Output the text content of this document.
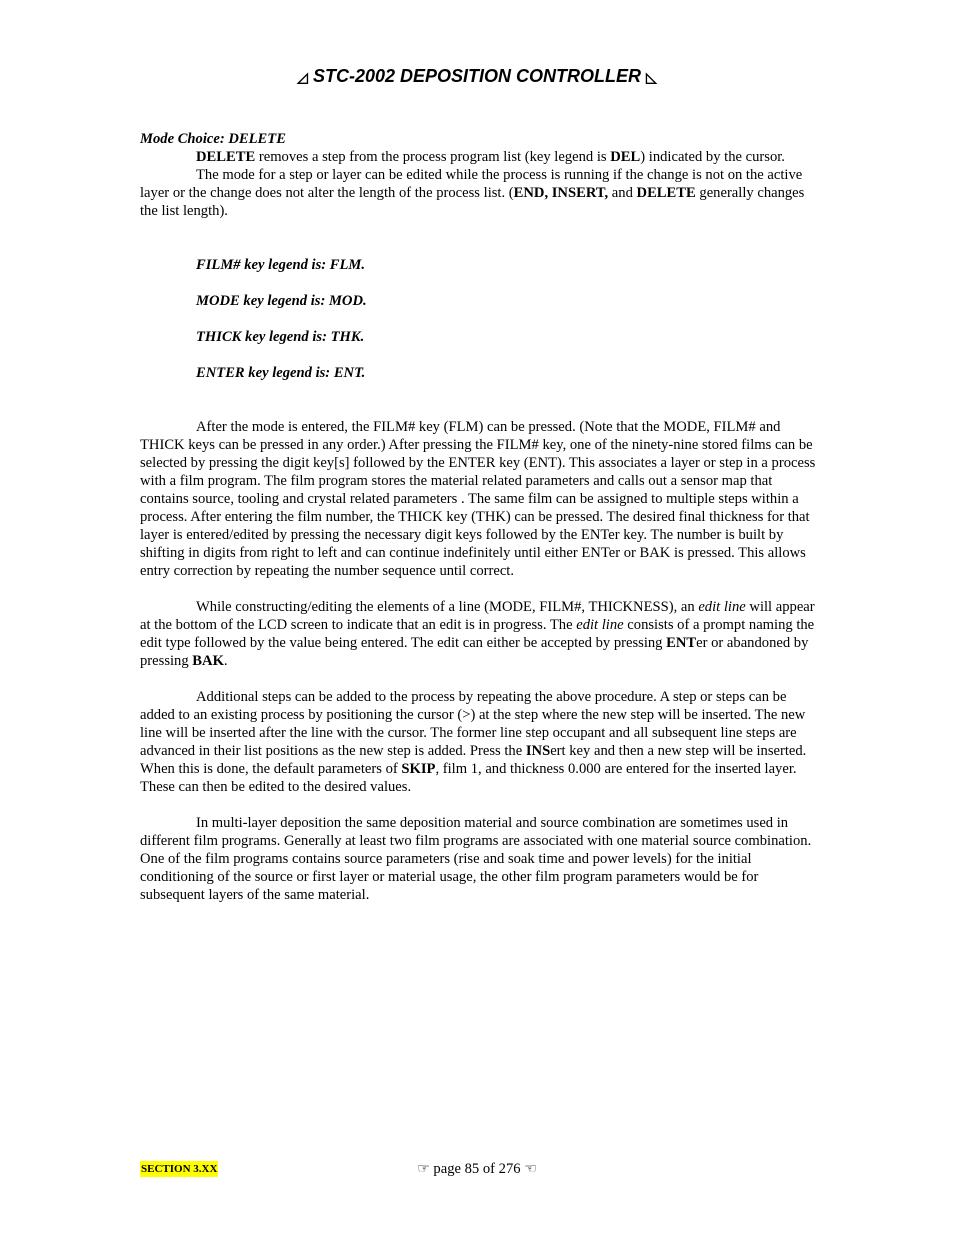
◿ STC-2002 DEPOSITION CONTROLLER ◺

Mode Choice: DELETE

DELETE removes a step from the process program list (key legend is DEL) indicated by the cursor.

The mode for a step or layer can be edited while the process is running if the change is not on the active layer or the change does not alter the length of the process list. (END, INSERT, and DELETE generally changes the list length).

FILM# key legend is: FLM.

MODE key legend is: MOD.

THICK key legend is: THK.

ENTER key legend is: ENT.

After the mode is entered, the FILM# key (FLM) can be pressed. (Note that the MODE, FILM# and THICK keys can be pressed in any order.) After pressing the FILM# key, one of the ninety-nine stored films can be selected by pressing the digit key[s] followed by the ENTER key (ENT). This associates a layer or step in a process with a film program. The film program stores the material related parameters and calls out a sensor map that contains source, tooling and crystal related parameters . The same film can be assigned to multiple steps within a process. After entering the film number, the THICK key (THK) can be pressed. The desired final thickness for that layer is entered/edited by pressing the necessary digit keys followed by the ENTer key. The number is built by shifting in digits from right to left and can continue indefinitely until either ENTer or BAK is pressed. This allows entry correction by repeating the number sequence until correct.

While constructing/editing the elements of a line (MODE, FILM#, THICKNESS), an edit line will appear at the bottom of the LCD screen to indicate that an edit is in progress. The edit line consists of a prompt naming the edit type followed by the value being entered. The edit can either be accepted by pressing ENTer or abandoned by pressing BAK.

Additional steps can be added to the process by repeating the above procedure. A step or steps can be added to an existing process by positioning the cursor (>) at the step where the new step will be inserted. The new line will be inserted after the line with the cursor. The former line step occupant and all subsequent line steps are advanced in their list positions as the new step is added. Press the INSert key and then a new step will be inserted. When this is done, the default parameters of SKIP, film 1, and thickness 0.000 are entered for the inserted layer. These can then be edited to the desired values.

In multi-layer deposition the same deposition material and source combination are sometimes used in different film programs. Generally at least two film programs are associated with one material source combination. One of the film programs contains source parameters (rise and soak time and power levels) for the initial conditioning of the source or first layer or material usage, the other film program parameters would be for subsequent layers of the same material.

SECTION 3.XX	☞ page 85 of 276 ☜
